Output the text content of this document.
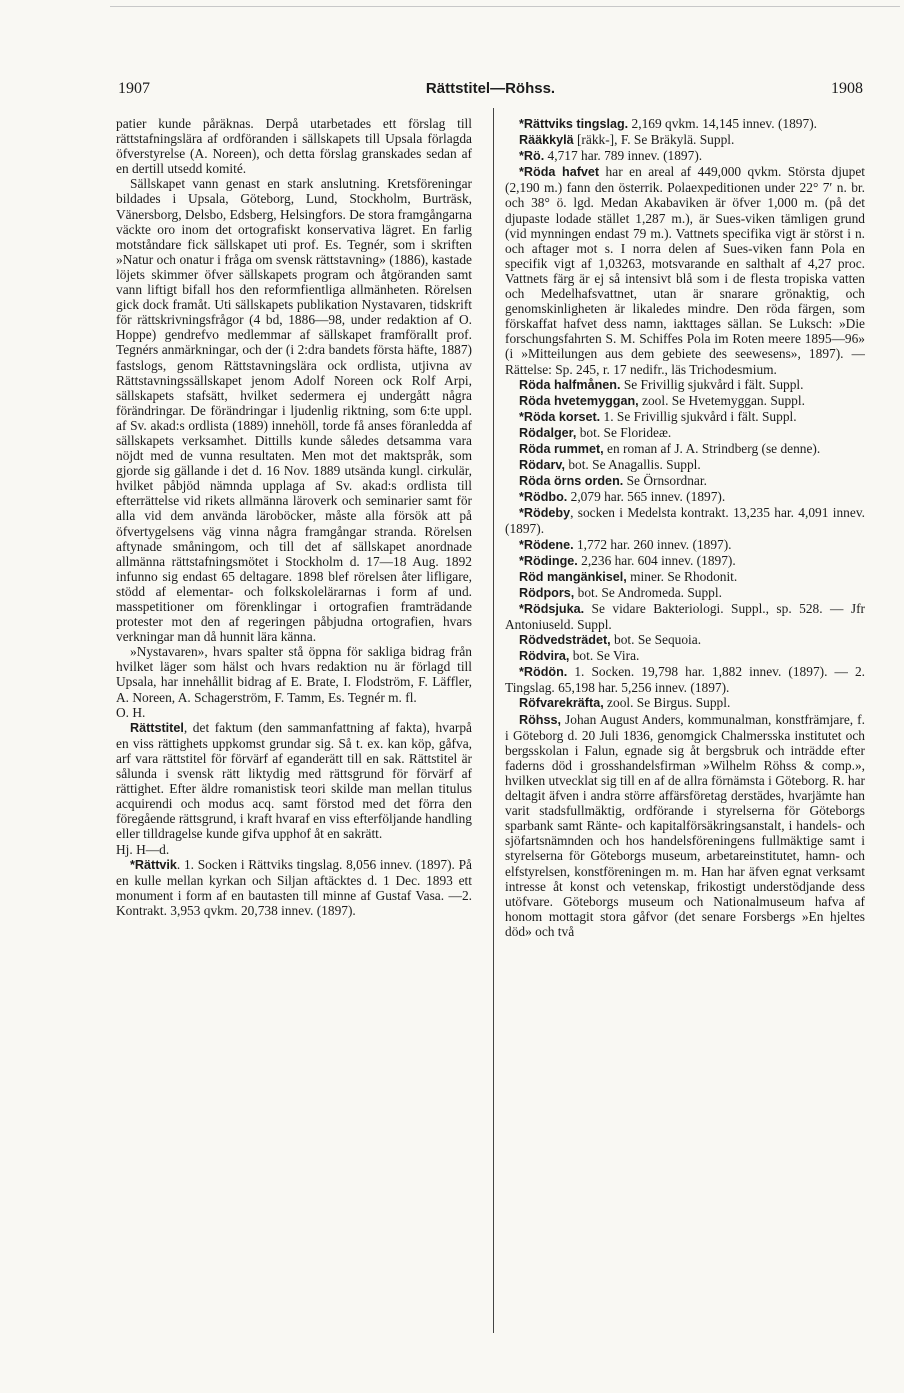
1907	Rättstitel—Röhss.	1908

patier kunde påräknas. Derpå utarbetades ett förslag till rättstafningslära af ordföranden i sällskapets till Upsala förlagda öfverstyrelse (A. Noreen), och detta förslag granskades sedan af en dertill utsedd komité.

Sällskapet vann genast en stark anslutning. Kretsföreningar bildades i Upsala, Göteborg, Lund, Stockholm, Burträsk, Vänersborg, Delsbo, Edsberg, Helsingfors. De stora framgångarna väckte oro inom det ortografiskt konservativa lägret. En farlig motståndare fick sällskapet uti prof. Es. Tegnér, som i skriften »Natur och onatur i fråga om svensk rättstavning» (1886), kastade löjets skimmer öfver sällskapets program och åtgöranden samt vann liftigt bifall hos den reformfientliga allmänheten. Rörelsen gick dock framåt. Uti sällskapets publikation Nystavaren, tidskrift för rättskrivningsfrågor (4 bd, 1886—98, under redaktion af O. Hoppe) gendrefvo medlemmar af sällskapet framförallt prof. Tegnérs anmärkningar, och der (i 2:dra bandets första häfte, 1887) fastslogs, genom Rättstavningslära ock ordlista, utjivna av Rättstavningssällskapet jenom Adolf Noreen ock Rolf Arpi, sällskapets stafsätt, hvilket sedermera ej undergått några förändringar. De förändringar i ljudenlig riktning, som 6:te uppl. af Sv. akad:s ordlista (1889) innehöll, torde få anses föranledda af sällskapets verksamhet. Dittills kunde således detsamma vara nöjdt med de vunna resultaten. Men mot det maktspråk, som gjorde sig gällande i det d. 16 Nov. 1889 utsända kungl. cirkulär, hvilket påbjöd nämnda upplaga af Sv. akad:s ordlista till efterrättelse vid rikets allmänna läroverk och seminarier samt för alla vid dem använda läroböcker, måste alla försök att på öfvertygelsens väg vinna några framgångar stranda. Rörelsen aftynade småningom, och till det af sällskapet anordnade allmänna rättstafningsmötet i Stockholm d. 17—18 Aug. 1892 infunno sig endast 65 deltagare. 1898 blef rörelsen åter lifligare, stödd af elementar- och folkskolelärarnas i form af und. masspetitioner om förenklingar i ortografien framträdande protester mot den af regeringen påbjudna ortografien, hvars verkningar man då hunnit lära känna.

»Nystavaren», hvars spalter stå öppna för sakliga bidrag från hvilket läger som hälst och hvars redaktion nu är förlagd till Upsala, har innehållit bidrag af E. Brate, I. Flodström, F. Läffler, A. Noreen, A. Schagerström, F. Tamm, Es. Tegnér m. fl.

O. H.

Rättstitel, det faktum (den sammanfattning af fakta), hvarpå en viss rättighets uppkomst grundar sig. Så t. ex. kan köp, gåfva, arf vara rättstitel för förvärf af eganderätt till en sak. Rättstitel är sålunda i svensk rätt liktydig med rättsgrund för förvärf af rättighet. Efter äldre romanistisk teori skilde man mellan titulus acquirendi och modus acq. samt förstod med det förra den föregående rättsgrund, i kraft hvaraf en viss efterföljande handling eller tilldragelse kunde gifva upphof åt en sakrätt.

Hj. H—d.

*Rättvik. 1. Socken i Rättviks tingslag. 8,056 innev. (1897). På en kulle mellan kyrkan och Siljan aftäcktes d. 1 Dec. 1893 ett monument i form af en bautasten till minne af Gustaf Vasa. —2. Kontrakt. 3,953 qvkm. 20,738 innev. (1897).

*Rättviks tingslag. 2,169 qvkm. 14,145 innev. (1897).

Rääkkylä [räkk-], F. Se Bräkylä. Suppl.

*Rö. 4,717 har. 789 innev. (1897).

*Röda hafvet har en areal af 449,000 qvkm. Största djupet (2,190 m.) fann den österrik. Polaexpeditionen under 22° 7′ n. br. och 38° ö. lgd. Medan Akabaviken är öfver 1,000 m. (på det djupaste lodade stället 1,287 m.), är Sues-viken tämligen grund (vid mynningen endast 79 m.). Vattnets specifika vigt är störst i n. och aftager mot s. I norra delen af Sues-viken fann Pola en specifik vigt af 1,03263, motsvarande en salthalt af 4,27 proc. Vattnets färg är ej så intensivt blå som i de flesta tropiska vatten och Medelhafsvattnet, utan är snarare grönaktig, och genomskinligheten är likaledes mindre. Den röda färgen, som förskaffat hafvet dess namn, iakttages sällan. Se Luksch: »Die forschungsfahrten S. M. Schiffes Pola im Roten meere 1895—96» (i »Mitteilungen aus dem gebiete des seewesens», 1897). — Rättelse: Sp. 245, r. 17 nedifr., läs Trichodesmium.

Röda halfmånen. Se Frivillig sjukvård i fält. Suppl.

Röda hvetemyggan, zool. Se Hvetemyggan. Suppl.

*Röda korset. 1. Se Frivillig sjukvård i fält. Suppl.

Rödalger, bot. Se Florideæ.

Röda rummet, en roman af J. A. Strindberg (se denne).

Rödarv, bot. Se Anagallis. Suppl.

Röda örns orden. Se Örnsordnar.

*Rödbo. 2,079 har. 565 innev. (1897).

*Rödeby, socken i Medelsta kontrakt. 13,235 har. 4,091 innev. (1897).

*Rödene. 1,772 har. 260 innev. (1897).

*Rödinge. 2,236 har. 604 innev. (1897).

Röd mangänkisel, miner. Se Rhodonit.

Rödpors, bot. Se Andromeda. Suppl.

*Rödsjuka. Se vidare Bakteriologi. Suppl., sp. 528. — Jfr Antoniuseld. Suppl.

Rödvedsträdet, bot. Se Sequoia.

Rödvira, bot. Se Vira.

*Rödön. 1. Socken. 19,798 har. 1,882 innev. (1897). — 2. Tingslag. 65,198 har. 5,256 innev. (1897).

Röfvarekräfta, zool. Se Birgus. Suppl.

Röhss, Johan August Anders, kommunalman, konstfrämjare, f. i Göteborg d. 20 Juli 1836, genomgick Chalmersska institutet och bergsskolan i Falun, egnade sig åt bergsbruk och inträdde efter faderns död i grosshandelsfirman »Wilhelm Röhss & comp.», hvilken utvecklat sig till en af de allra förnämsta i Göteborg. R. har deltagit äfven i andra större affärsföretag derstädes, hvarjämte han varit stadsfullmäktig, ordförande i styrelserna för Göteborgs sparbank samt Ränte- och kapitalförsäkringsanstalt, i handels- och sjöfartsnämnden och hos handelsföreningens fullmäktige samt i styrelserna för Göteborgs museum, arbetareinstitutet, hamn- och elfstyrelsen, konstföreningen m. m. Han har äfven egnat verksamt intresse åt konst och vetenskap, frikostigt understödjande dess utöfvare. Göteborgs museum och Nationalmuseum hafva af honom mottagit stora gåfvor (det senare Forsbergs »En hjeltes död» och två
